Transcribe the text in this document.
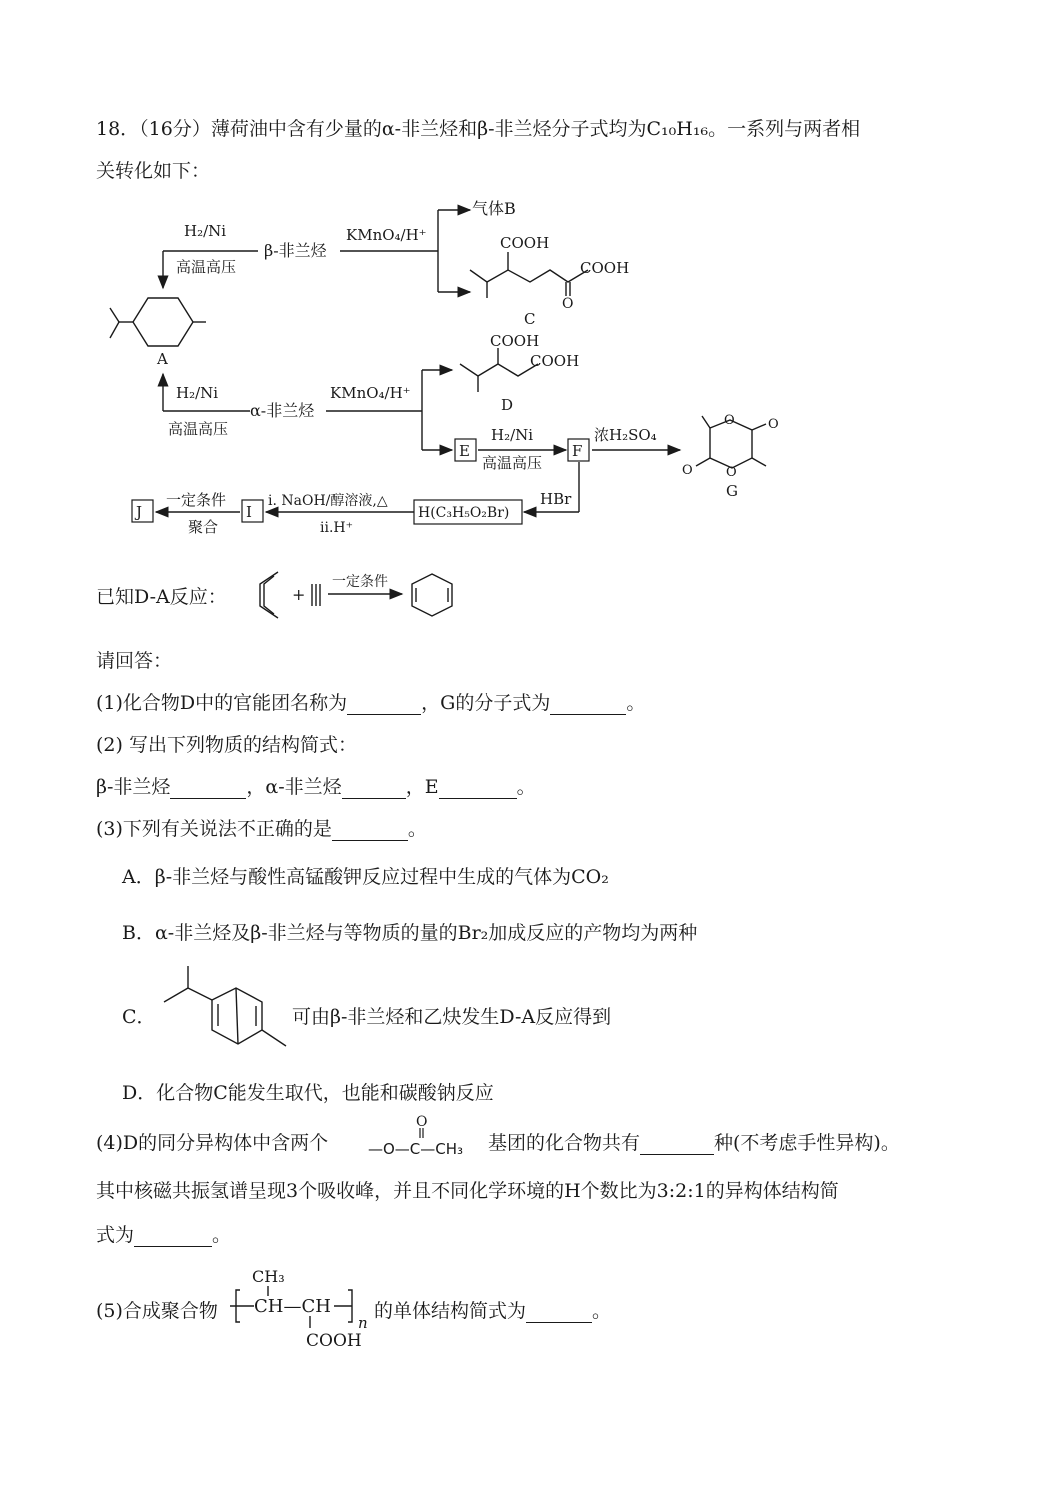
18．（16分）薄荷油中含有少量的α-非兰烃和β-非兰烃分子式均为C₁₀H₁₆。一系列与两者相
关转化如下：
H₂/Ni
高温高压
β-非兰烃
KMnO₄/H⁺
气体B
COOH
COOH
O
C
A
H₂/Ni
高温高压
α-非兰烃
KMnO₄/H⁺
COOH
COOH
D
E
H₂/Ni
高温高压
F
浓H₂SO₄
O	O
O
O
G
HBr
H(C₃H₅O₂Br)
i. NaOH/醇溶液,△
ii.H⁺
I
一定条件
聚合
J
已知D-A反应：	+
一定条件
请回答：
(1)化合物D中的官能团名称为	，G的分子式为	。
(2) 写出下列物质的结构简式：
β-非兰烃	，α-非兰烃	，E	。
(3)下列有关说法不正确的是	。
A．β-非兰烃与酸性高锰酸钾反应过程中生成的气体为CO₂
B．α-非兰烃及β-非兰烃与等物质的量的Br₂加成反应的产物均为两种
C．	可由β-非兰烃和乙炔发生D-A反应得到
D．化合物C能发生取代，也能和碳酸钠反应
(4)D的同分异构体中含两个
O
—O—C—CH₃ 基团的化合物共有	种(不考虑手性异构)。
其中核磁共振氢谱呈现3个吸收峰，并且不同化学环境的H个数比为3:2:1的异构体结构简
式为	。
(5)合成聚合物
CH₃
CH—CH
n
COOH
的单体结构简式为	。
